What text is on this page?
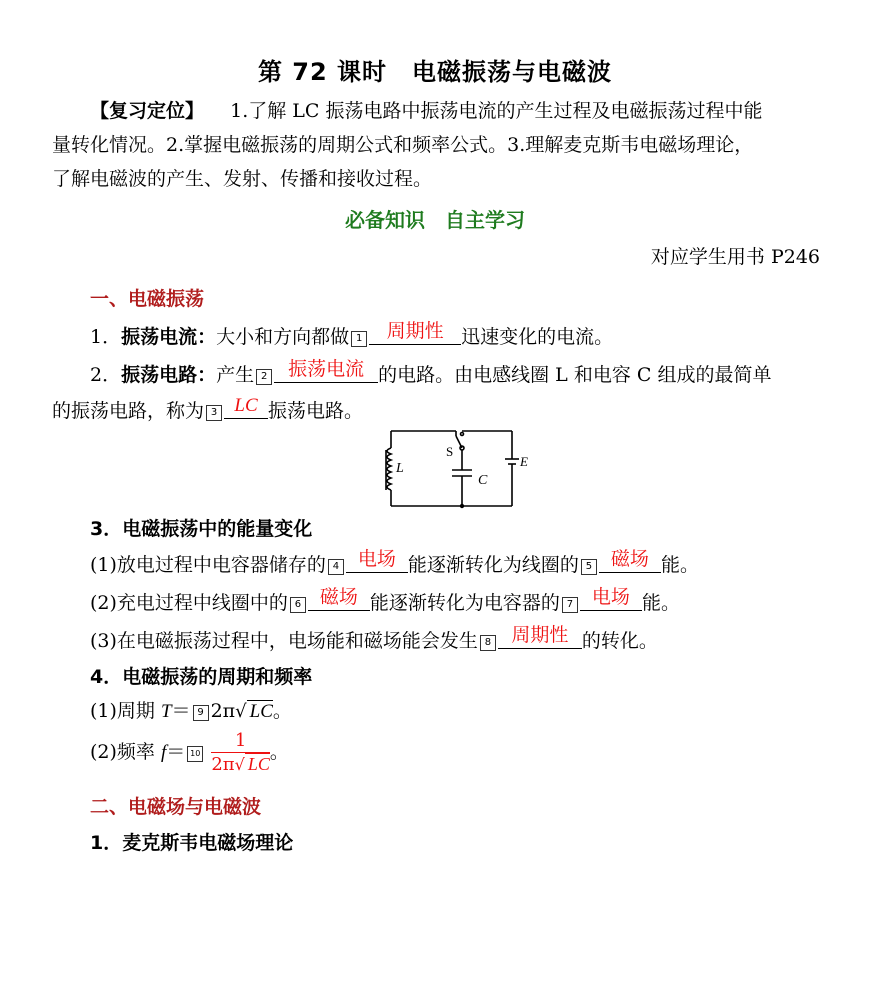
第 72 课时　电磁振荡与电磁波
【复习定位】 1.了解 LC 振荡电路中振荡电流的产生过程及电磁振荡过程中能
量转化情况。2.掌握电磁振荡的周期公式和频率公式。3.理解麦克斯韦电磁场理论，
了解电磁波的产生、发射、传播和接收过程。
必备知识　自主学习
对应学生用书 P246
一、电磁振荡
1．振荡电流：大小和方向都做 1 周期性 迅速变化的电流。
2．振荡电路：产生 2 振荡电流 的电路。由电感线圈 L 和电容 C 组成的最简单
的振荡电路，称为 3 LC 振荡电路。
L
S
C
E
3．电磁振荡中的能量变化
(1)放电过程中电容器储存的 4 电场 能逐渐转化为线圈的 5 磁场 能。
(2)充电过程中线圈中的 6 磁场 能逐渐转化为电容器的 7 电场 能。
(3)在电磁振荡过程中，电场能和磁场能会发生 8 周期性 的转化。
4．电磁振荡的周期和频率
(1)周期 T＝ 9 2π√ LC。
(2)频率 $f= 10 \frac{1}{2\pi√ LC}$ 。
二、电磁场与电磁波
1．麦克斯韦电磁场理论
